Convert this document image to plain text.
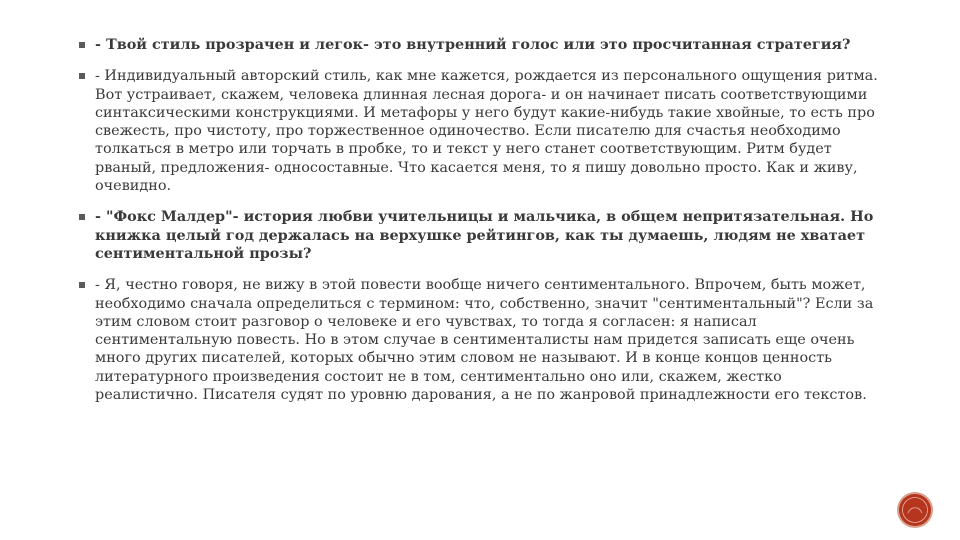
- Твой стиль прозрачен и легок- это внутренний голос или это просчитанная стратегия?
- Индивидуальный авторский стиль, как мне кажется, рождается из персонального ощущения ритма. Вот устраивает, скажем, человека длинная лесная дорога- и он начинает писать соответствующими синтаксическими конструкциями. И метафоры у него будут какие-нибудь такие хвойные, то есть про свежесть, про чистоту, про торжественное одиночество. Если писателю для счастья необходимо толкаться в метро или торчать в пробке, то и текст у него станет соответствующим. Ритм будет рваный, предложения- односоставные. Что касается меня, то я пишу довольно просто. Как и живу, очевидно.
- "Фокс Малдер"- история любви учительницы и мальчика, в общем непритязательная. Но книжка целый год держалась на верхушке рейтингов, как ты думаешь, людям не хватает сентиментальной прозы?
- Я, честно говоря, не вижу в этой повести вообще ничего сентиментального. Впрочем, быть может, необходимо сначала определиться с термином: что, собственно, значит "сентиментальный"? Если за этим словом стоит разговор о человеке и его чувствах, то тогда я согласен: я написал сентиментальную повесть. Но в этом случае в сентименталисты нам придется записать еще очень много других писателей, которых обычно этим словом не называют. И в конце концов ценность литературного произведения состоит не в том, сентиментально оно или, скажем, жестко реалистично. Писателя судят по уровню дарования, а не по жанровой принадлежности его текстов.
